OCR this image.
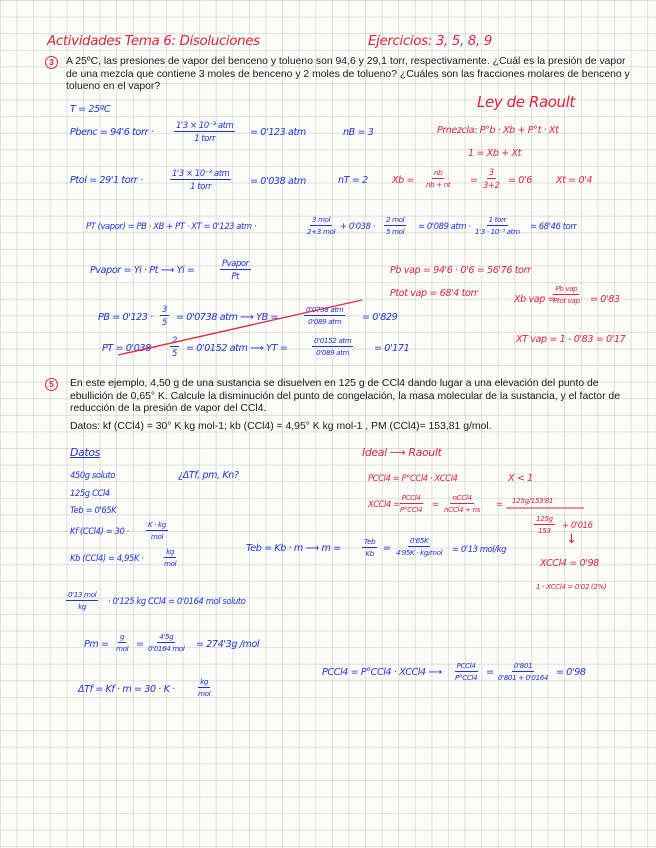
Actividades Tema 6: Disoluciones	Ejercicios: 3, 5, 8, 9
3	A 25ºC, las presiones de vapor del benceno y tolueno son 94,6 y 29,1 torr, respectivamente. ¿Cuál es la presión de vapor de una mezcla que contiene 3 moles de benceno y 2 moles de tolueno? ¿Cuáles son las fracciones molares de benceno y tolueno en el vapor?
T = 25ºC
Pbenc = 94'6 torr ·
1'3 × 10⁻³ atm
1 torr	= 0'123 atm	nB = 3
Ley de Raoult
Pmezcla: P°b · Xb + P°t · Xt
1 = Xb + Xt
Ptol = 29'1 torr ·
1'3 × 10⁻³ atm
1 torr	= 0'038 atm	nT = 2	$Xb = \frac{nb}{nb + nt} = \frac{3}{3+2} = 0'6$	Xt = 0'4
PT (vapor) = PB · XB + PT · XT = 0'123 atm ·
3 mol
2+3 mol
+ 0'038 ·
2 mol
5 mol
= 0'089 atm ·
1 torr
1'3 · 10⁻³ atm
= 68'46 torr
Pvapor = Yi · Pt ⟶ Yi =
Pvapor
Pt	Pb vap = 94'6 · 0'6 = 56'76 torr
Ptot vap = 68'4 torr
Xb vap =
Pb vap
Ptot vap = 0'83
XT vap = 1 - 0'83 = 0'17
PB = $0'123 \cdot \frac{3}{5} = 0'0738$ atm ⟶ YB =
0'0738 atm
0'089 atm = 0'829
PT = $0'038 \cdot \frac{2}{5} = 0'0152$ atm ⟶ YT =
0'0152 atm
0'089 atm	= 0'171
5	En este ejemplo, 4,50 g de una sustancia se disuelven en 125 g de CCl4 dando lugar a una elevación del punto de ebullición de 0,65° K. Calcule la disminución del punto de congelación, la masa molecular de la sustancia, y el factor de reducción de la presión de vapor del CCl4.
Datos: kf (CCl4) = 30° K kg mol-1; kb (CCl4) = 4,95° K kg mol-1 , PM (CCl4)= 153,81 g/mol.
Datos
450g soluto
125g CCl4
Teb = 0'65K
Kf (CCl4) = 30 ·
K · kg
mol
Kb (CCl4) = 4,95K ·
kg
mol
¿ΔTf, pm, Kn?
Teb = Kb · m ⟶ m =
Teb
Kb =
0'65K
4'95K · kg/mol = 0'13 mol/kg
0'13 mol
kg
· 0'125 kg CCl4 = 0'0164 mol soluto
Pm =
g
mol =
4'5g
0'0164 mol = 274'3g /mol
ΔTf = Kf · m = 30 · K ·
kg
mol
Ideal ⟶ Raoult
PCCl4 = P°CCl4 · XCCl4	X < 1
XCCl4 =
PCCl4
P°CCl4
=
nCCl4
nCCl4 + ns
= 125g/153'81
$\frac{125g}{153} + 0'016$
↓
XCCl4 = 0'98
1 - XCCl4 = 0'02 (2%)
PCCl4 = P°CCl4 · XCCl4 ⟶
PCCl4
$P^\circ CCl4 = \frac{0'801}{0'801 + 0'0164} = 0'98$
